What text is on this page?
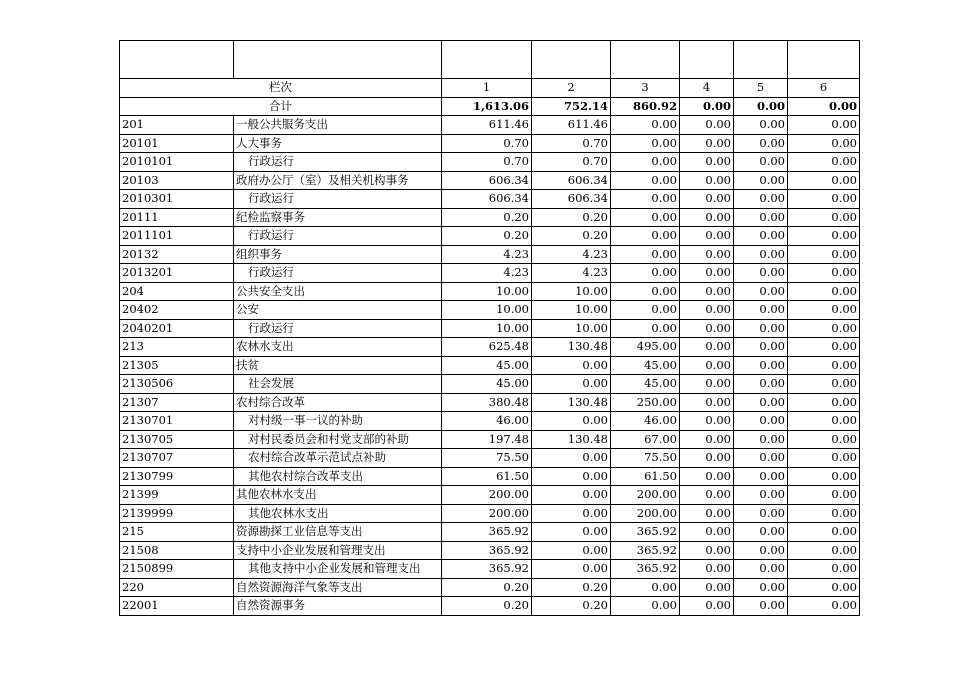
栏次		1	2	3	4	5	6
合计		1,613.06	752.14	860.92	0.00	0.00	0.00
201	一般公共服务支出	611.46	611.46	0.00	0.00	0.00	0.00
20101	人大事务	0.70	0.70	0.00	0.00	0.00	0.00
2010101	行政运行	0.70	0.70	0.00	0.00	0.00	0.00
20103	政府办公厅（室）及相关机构事务	606.34	606.34	0.00	0.00	0.00	0.00
2010301	行政运行	606.34	606.34	0.00	0.00	0.00	0.00
20111	纪检监察事务	0.20	0.20	0.00	0.00	0.00	0.00
2011101	行政运行	0.20	0.20	0.00	0.00	0.00	0.00
20132	组织事务	4.23	4.23	0.00	0.00	0.00	0.00
2013201	行政运行	4.23	4.23	0.00	0.00	0.00	0.00
204	公共安全支出	10.00	10.00	0.00	0.00	0.00	0.00
20402	公安	10.00	10.00	0.00	0.00	0.00	0.00
2040201	行政运行	10.00	10.00	0.00	0.00	0.00	0.00
213	农林水支出	625.48	130.48	495.00	0.00	0.00	0.00
21305	扶贫	45.00	0.00	45.00	0.00	0.00	0.00
2130506	社会发展	45.00	0.00	45.00	0.00	0.00	0.00
21307	农村综合改革	380.48	130.48	250.00	0.00	0.00	0.00
2130701	对村级一事一议的补助	46.00	0.00	46.00	0.00	0.00	0.00
2130705	对村民委员会和村党支部的补助	197.48	130.48	67.00	0.00	0.00	0.00
2130707	农村综合改革示范试点补助	75.50	0.00	75.50	0.00	0.00	0.00
2130799	其他农村综合改革支出	61.50	0.00	61.50	0.00	0.00	0.00
21399	其他农林水支出	200.00	0.00	200.00	0.00	0.00	0.00
2139999	其他农林水支出	200.00	0.00	200.00	0.00	0.00	0.00
215	资源勘探工业信息等支出	365.92	0.00	365.92	0.00	0.00	0.00
21508	支持中小企业发展和管理支出	365.92	0.00	365.92	0.00	0.00	0.00
2150899	其他支持中小企业发展和管理支出	365.92	0.00	365.92	0.00	0.00	0.00
220	自然资源海洋气象等支出	0.20	0.20	0.00	0.00	0.00	0.00
22001	自然资源事务	0.20	0.20	0.00	0.00	0.00	0.00
